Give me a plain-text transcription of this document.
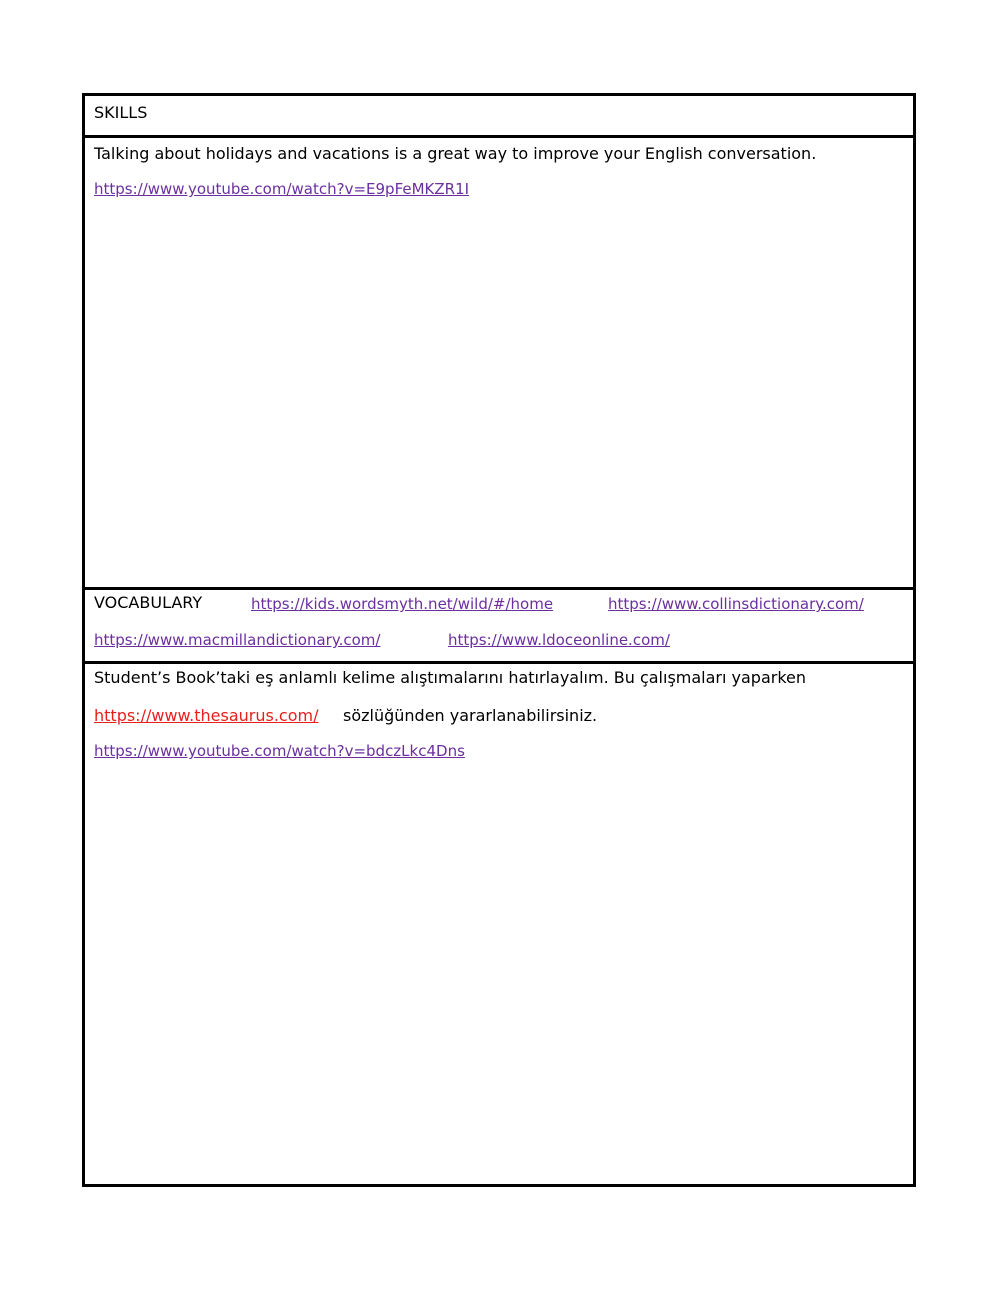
SKILLS
Talking about holidays and vacations is a great way to improve your English conversation.
https://www.youtube.com/watch?v=E9pFeMKZR1I
VOCABULARY	https://kids.wordsmyth.net/wild/#/home	https://www.collinsdictionary.com/
https://www.macmillandictionary.com/	https://www.ldoceonline.com/
Student’s Book’taki eş anlamlı kelime alıştımalarını hatırlayalım. Bu çalışmaları yaparken
https://www.thesaurus.com/ sözlüğünden yararlanabilirsiniz.
https://www.youtube.com/watch?v=bdczLkc4Dns
